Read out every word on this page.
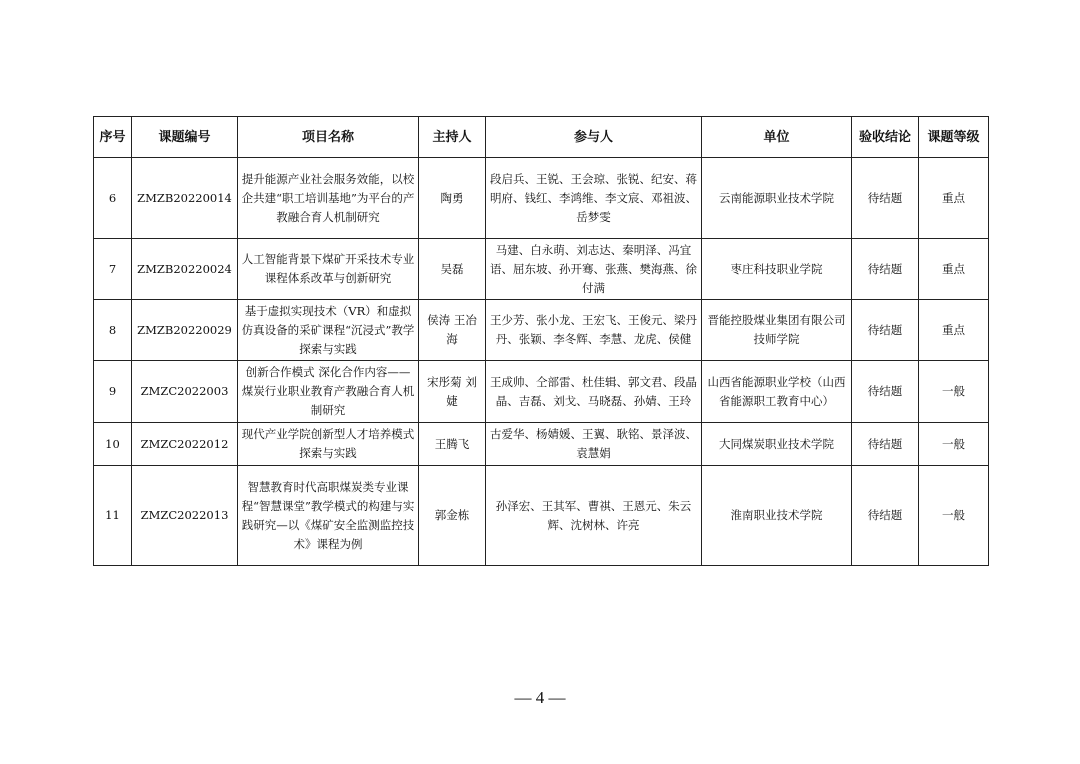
序号	课题编号	项目名称	主持人	参与人	单位	验收结论	课题等级
6	ZMZB20220014	提升能源产业社会服务效能，以校企共建“职工培训基地”为平台的产教融合育人机制研究	陶勇	段启兵、王锐、王会琼、张锐、纪安、蒋明府、钱红、李鸿维、李文宸、邓祖波、岳梦雯	云南能源职业技术学院	待结题	重点
7	ZMZB20220024	人工智能背景下煤矿开采技术专业课程体系改革与创新研究	吴磊	马建、白永萌、刘志达、秦明泽、冯宜语、屈东坡、孙开骞、张燕、樊海燕、徐付满	枣庄科技职业学院	待结题	重点
8	ZMZB20220029	基于虚拟实现技术（VR）和虚拟仿真设备的采矿课程“沉浸式”教学探索与实践	侯涛 王冶海	王少芳、张小龙、王宏飞、王俊元、梁丹丹、张颖、李冬辉、李慧、龙虎、侯健	晋能控股煤业集团有限公司技师学院	待结题	重点
9	ZMZC2022003	创新合作模式 深化合作内容——煤炭行业职业教育产教融合育人机制研究	宋彤菊 刘婕	王成帅、仝部雷、杜佳辑、郭文君、段晶晶、吉磊、刘戈、马晓磊、孙婧、王玲	山西省能源职业学校（山西省能源职工教育中心）	待结题	一般
10	ZMZC2022012	现代产业学院创新型人才培养模式探索与实践	王腾飞	古爱华、杨婧媛、王翼、耿铭、景泽波、袁慧娟	大同煤炭职业技术学院	待结题	一般
11	ZMZC2022013	智慧教育时代高职煤炭类专业课程“智慧课堂”教学模式的构建与实践研究—以《煤矿安全监测监控技术》课程为例	郭金栋	孙泽宏、王其军、曹祺、王恩元、朱云辉、沈树林、许亮	淮南职业技术学院	待结题	一般
— 4 —
